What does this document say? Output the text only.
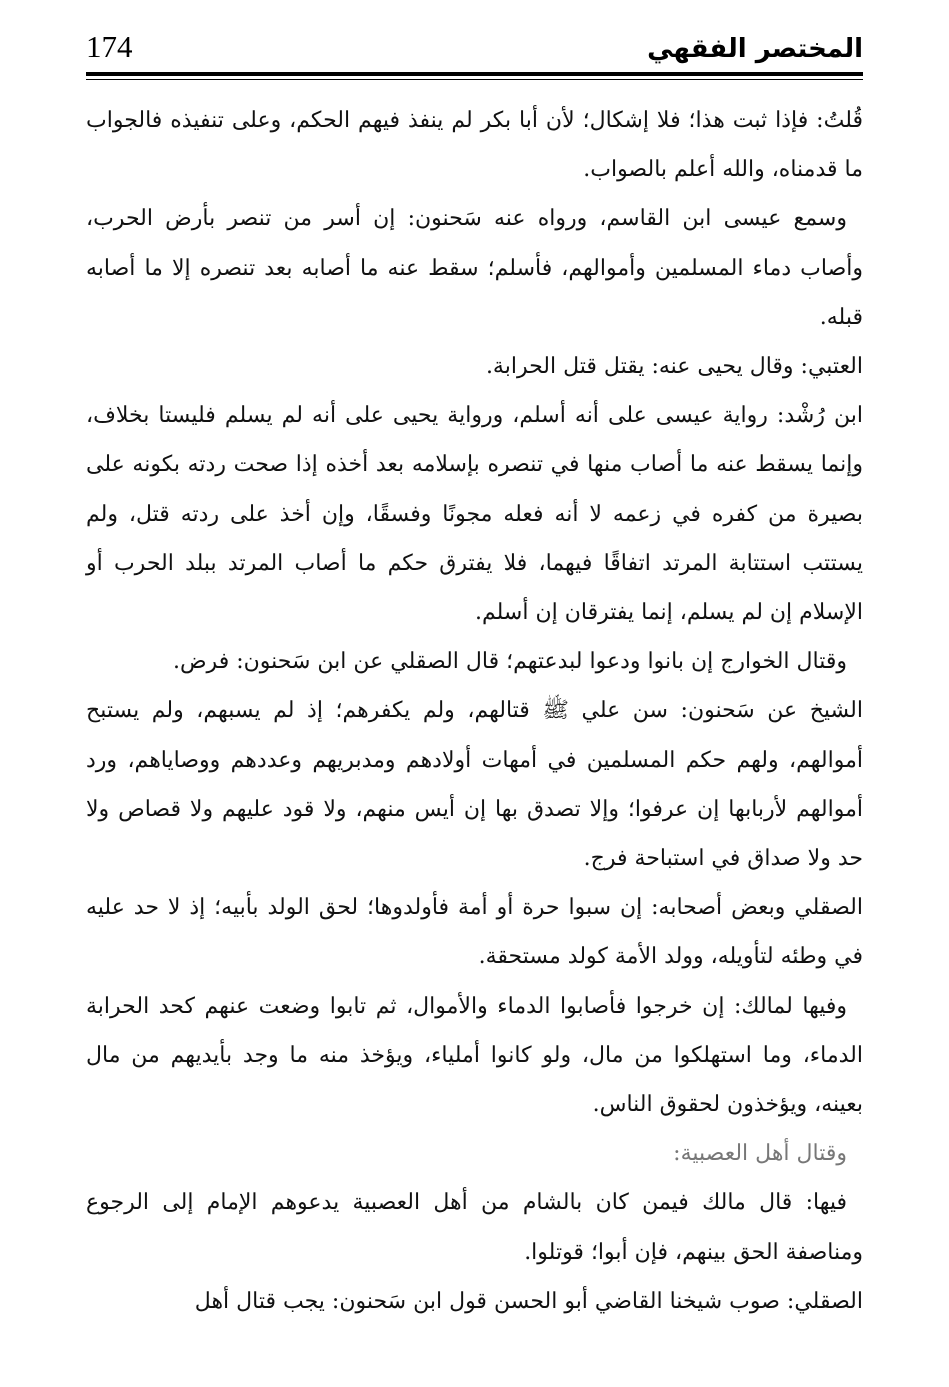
المختصر الفقهي
174

قُلتُ: فإذا ثبت هذا؛ فلا إشكال؛ لأن أبا بكر لم ينفذ فيهم الحكم، وعلى تنفيذه فالجواب ما قدمناه، والله أعلم بالصواب.

وسمع عيسى ابن القاسم، ورواه عنه سَحنون: إن أسر من تنصر بأرض الحرب، وأصاب دماء المسلمين وأموالهم، فأسلم؛ سقط عنه ما أصابه بعد تنصره إلا ما أصابه قبله.

العتبي: وقال يحيى عنه: يقتل قتل الحرابة.

ابن رُشْد: رواية عيسى على أنه أسلم، ورواية يحيى على أنه لم يسلم فليستا بخلاف، وإنما يسقط عنه ما أصاب منها في تنصره بإسلامه بعد أخذه إذا صحت ردته بكونه على بصيرة من كفره في زعمه لا أنه فعله مجونًا وفسقًا، وإن أخذ على ردته قتل، ولم يستتب استتابة المرتد اتفاقًا فيهما، فلا يفترق حكم ما أصاب المرتد ببلد الحرب أو الإسلام إن لم يسلم، إنما يفترقان إن أسلم.

وقتال الخوارج إن بانوا ودعوا لبدعتهم؛ قال الصقلي عن ابن سَحنون: فرض.

الشيخ عن سَحنون: سن علي ﷺ قتالهم، ولم يكفرهم؛ إذ لم يسبهم، ولم يستبح أموالهم، ولهم حكم المسلمين في أمهات أولادهم ومدبريهم وعددهم ووصاياهم، ورد أموالهم لأربابها إن عرفوا؛ وإلا تصدق بها إن أيس منهم، ولا قود عليهم ولا قصاص ولا حد ولا صداق في استباحة فرج.

الصقلي وبعض أصحابه: إن سبوا حرة أو أمة فأولدوها؛ لحق الولد بأبيه؛ إذ لا حد عليه في وطئه لتأويله، وولد الأمة كولد مستحقة.

وفيها لمالك: إن خرجوا فأصابوا الدماء والأموال، ثم تابوا وضعت عنهم كحد الحرابة الدماء، وما استهلكوا من مال، ولو كانوا أملياء، ويؤخذ منه ما وجد بأيديهم من مال بعينه، ويؤخذون لحقوق الناس.

وقتال أهل العصبية:

فيها: قال مالك فيمن كان بالشام من أهل العصبية يدعوهم الإمام إلى الرجوع ومناصفة الحق بينهم، فإن أبوا؛ قوتلوا.

الصقلي: صوب شيخنا القاضي أبو الحسن قول ابن سَحنون: يجب قتال أهل
